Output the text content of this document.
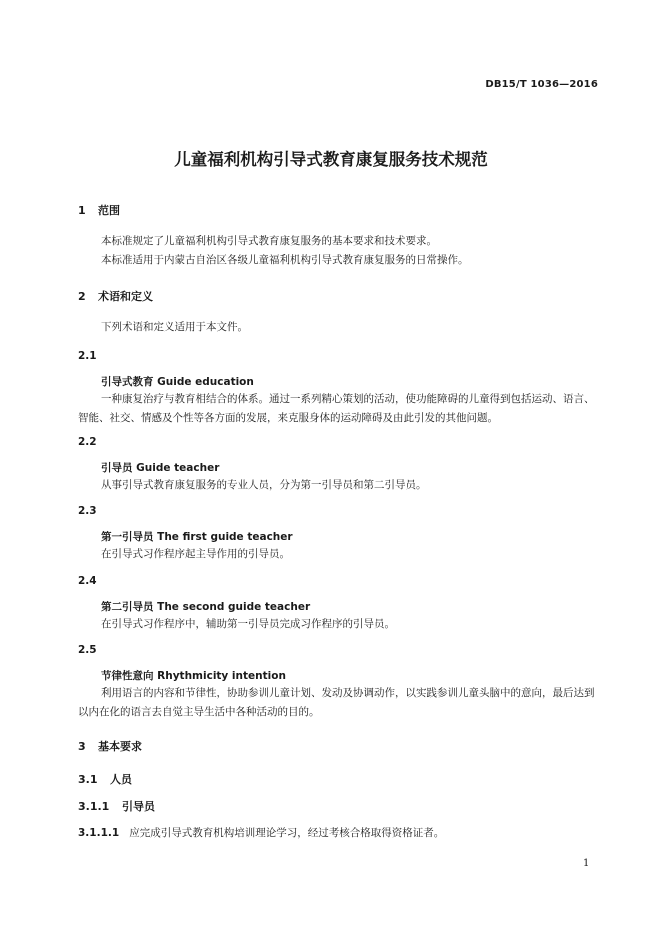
DB15/T 1036—2016
儿童福利机构引导式教育康复服务技术规范
1 范围
本标准规定了儿童福利机构引导式教育康复服务的基本要求和技术要求。
本标准适用于内蒙古自治区各级儿童福利机构引导式教育康复服务的日常操作。
2 术语和定义
下列术语和定义适用于本文件。
2.1
引导式教育 Guide education
一种康复治疗与教育相结合的体系。通过一系列精心策划的活动，使功能障碍的儿童得到包括运动、语言、智能、社交、情感及个性等各方面的发展，来克服身体的运动障碍及由此引发的其他问题。
2.2
引导员 Guide teacher
从事引导式教育康复服务的专业人员，分为第一引导员和第二引导员。
2.3
第一引导员 The first guide teacher
在引导式习作程序起主导作用的引导员。
2.4
第二引导员 The second guide teacher
在引导式习作程序中，辅助第一引导员完成习作程序的引导员。
2.5
节律性意向 Rhythmicity intention
利用语言的内容和节律性，协助参训儿童计划、发动及协调动作，以实践参训儿童头脑中的意向，最后达到以内在化的语言去自觉主导生活中各种活动的目的。
3 基本要求
3.1 人员
3.1.1 引导员
3.1.1.1 应完成引导式教育机构培训理论学习，经过考核合格取得资格证者。
1
